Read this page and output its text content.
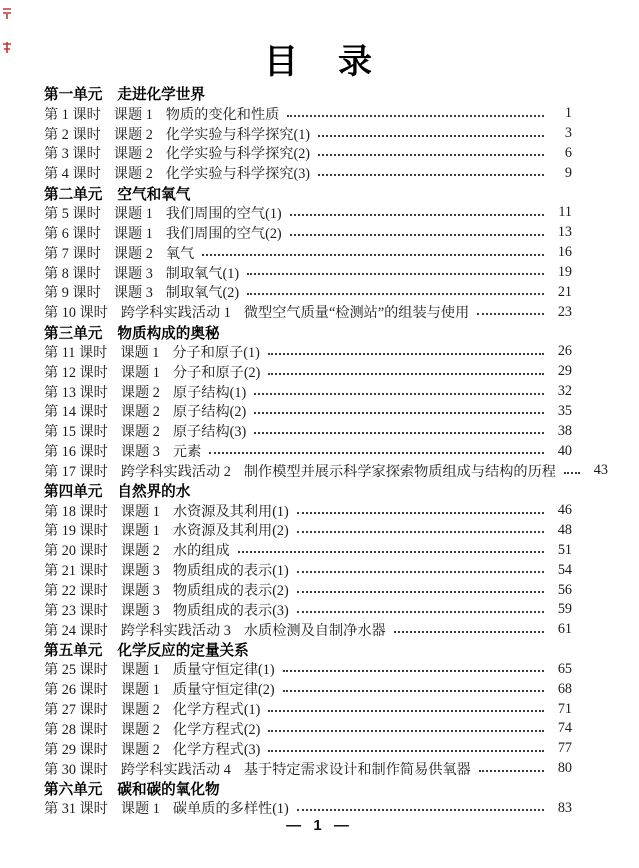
目　录
第一单元 走进化学世界
第 1 课时 课题 1 物质的变化和性质	1
第 2 课时 课题 2 化学实验与科学探究(1)	3
第 3 课时 课题 2 化学实验与科学探究(2)	6
第 4 课时 课题 2 化学实验与科学探究(3)	9
第二单元 空气和氧气
第 5 课时 课题 1 我们周围的空气(1)	11
第 6 课时 课题 1 我们周围的空气(2)	13
第 7 课时 课题 2 氧气	16
第 8 课时 课题 3 制取氧气(1)	19
第 9 课时 课题 3 制取氧气(2)	21
第 10 课时 跨学科实践活动 1 微型空气质量“检测站”的组装与使用	23
第三单元 物质构成的奥秘
第 11 课时 课题 1 分子和原子(1)	26
第 12 课时 课题 1 分子和原子(2)	29
第 13 课时 课题 2 原子结构(1)	32
第 14 课时 课题 2 原子结构(2)	35
第 15 课时 课题 2 原子结构(3)	38
第 16 课时 课题 3 元素	40
第 17 课时 跨学科实践活动 2 制作模型并展示科学家探索物质组成与结构的历程	43
第四单元 自然界的水
第 18 课时 课题 1 水资源及其利用(1)	46
第 19 课时 课题 1 水资源及其利用(2)	48
第 20 课时 课题 2 水的组成	51
第 21 课时 课题 3 物质组成的表示(1)	54
第 22 课时 课题 3 物质组成的表示(2)	56
第 23 课时 课题 3 物质组成的表示(3)	59
第 24 课时 跨学科实践活动 3 水质检测及自制净水器	61
第五单元 化学反应的定量关系
第 25 课时 课题 1 质量守恒定律(1)	65
第 26 课时 课题 1 质量守恒定律(2)	68
第 27 课时 课题 2 化学方程式(1)	71
第 28 课时 课题 2 化学方程式(2)	74
第 29 课时 课题 2 化学方程式(3)	77
第 30 课时 跨学科实践活动 4 基于特定需求设计和制作简易供氧器	80
第六单元 碳和碳的氧化物
第 31 课时 课题 1 碳单质的多样性(1)	83
— 1 —
